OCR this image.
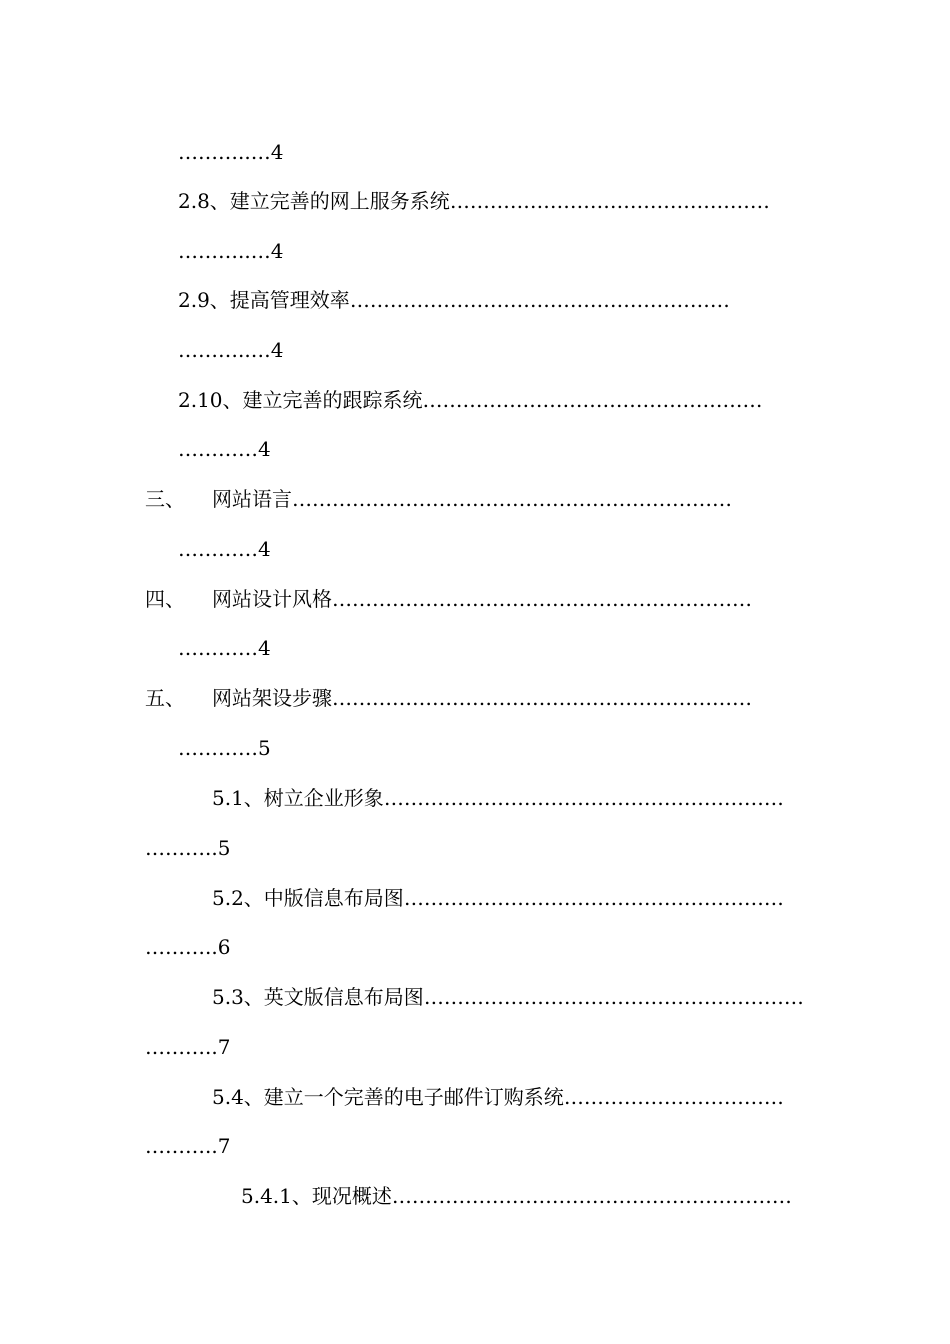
………..…4
2.8、建立完善的网上服务系统…………………………………………
………..…4
2.9、提高管理效率…………………………………………………
………..…4
2.10、建立完善的跟踪系统……………………………………………
…………4
三、 网站语言…………………………………………………………
…………4
四、 网站设计风格………………………………………………………
…………4
五、 网站架设步骤………………………………………………………
…………5
5.1、树立企业形象……………………………………………………
………..5
5.2、中版信息布局图…………………………………………………
………..6
5.3、英文版信息布局图…………………………………………………
………..7
5.4、建立一个完善的电子邮件订购系统……………………………
………..7
5.4.1、现况概述……………………………………………………
